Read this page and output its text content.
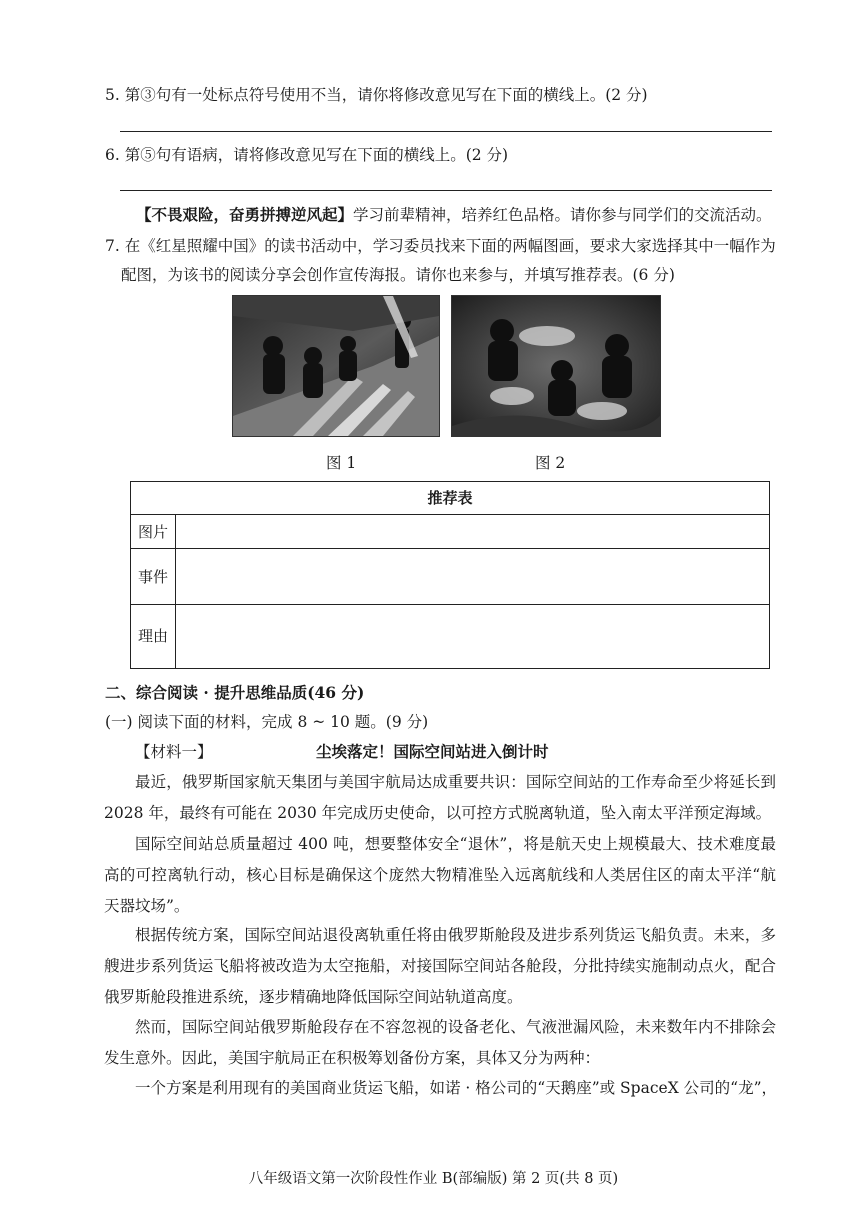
5. 第③句有一处标点符号使用不当，请你将修改意见写在下面的横线上。(2 分)
6. 第⑤句有语病，请将修改意见写在下面的横线上。(2 分)
【不畏艰险，奋勇拼搏逆风起】学习前辈精神，培养红色品格。请你参与同学们的交流活动。
7. 在《红星照耀中国》的读书活动中，学习委员找来下面的两幅图画，要求大家选择其中一幅作为
配图，为该书的阅读分享会创作宣传海报。请你也来参与，并填写推荐表。(6 分)
图 1	图 2
推荐表
图片
事件
理由
二、综合阅读 · 提升思维品质(46 分)
(一) 阅读下面的材料，完成 8 ~ 10 题。(9 分)
【材料一】	尘埃落定！国际空间站进入倒计时
最近，俄罗斯国家航天集团与美国宇航局达成重要共识：国际空间站的工作寿命至少将延长到 2028 年，最终有可能在 2030 年完成历史使命，以可控方式脱离轨道，坠入南太平洋预定海域。
国际空间站总质量超过 400 吨，想要整体安全“退休”，将是航天史上规模最大、技术难度最高的可控离轨行动，核心目标是确保这个庞然大物精准坠入远离航线和人类居住区的南太平洋“航天器坟场”。
根据传统方案，国际空间站退役离轨重任将由俄罗斯舱段及进步系列货运飞船负责。未来，多艘进步系列货运飞船将被改造为太空拖船，对接国际空间站各舱段，分批持续实施制动点火，配合俄罗斯舱段推进系统，逐步精确地降低国际空间站轨道高度。
然而，国际空间站俄罗斯舱段存在不容忽视的设备老化、气液泄漏风险，未来数年内不排除会发生意外。因此，美国宇航局正在积极筹划备份方案，具体又分为两种：
一个方案是利用现有的美国商业货运飞船，如诺 · 格公司的“天鹅座”或 SpaceX 公司的“龙”，
八年级语文第一次阶段性作业 B(部编版) 第 2 页(共 8 页)
